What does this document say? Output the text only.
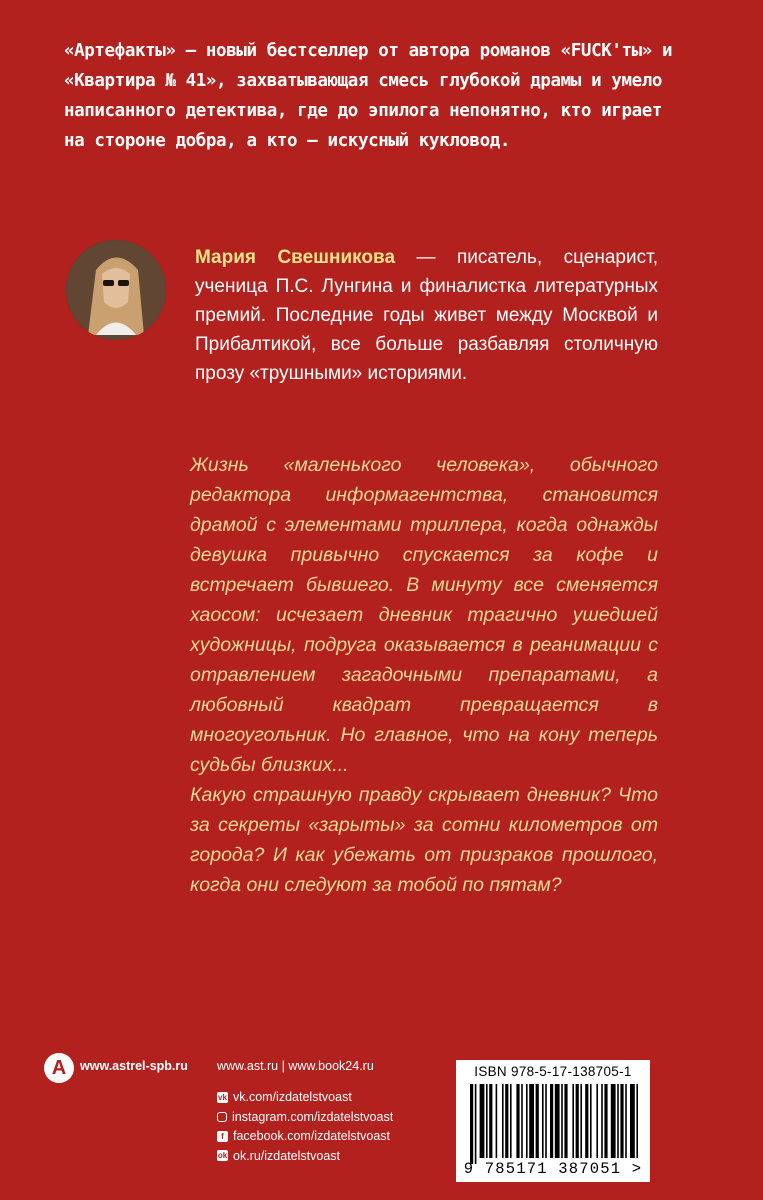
«Артефакты» — новый бестселлер от автора романов «FUCK'ты» и «Квартира № 41», захватывающая смесь глубокой драмы и умело написанного детектива, где до эпилога непонятно, кто играет на стороне добра, а кто — искусный кукловод.

Мария Свешникова — писатель, сценарист, ученица П.С. Лунгина и финалистка литературных премий. Последние годы живет между Москвой и Прибалтикой, все больше разбавляя столичную прозу «трушными» историями.

Жизнь «маленького человека», обычного редактора информагентства, становится драмой с элементами триллера, когда однажды девушка привычно спускается за кофе и встречает бывшего. В минуту все сменяется хаосом: исчезает дневник трагично ушедшей художницы, подруга оказывается в реанимации с отравлением загадочными препаратами, а любовный квадрат превращается в многоугольник. Но главное, что на кону теперь судьбы близких...

Какую страшную правду скрывает дневник? Что за секреты «зарыты» за сотни километров от города? И как убежать от призраков прошлого, когда они следуют за тобой по пятам?

А	www.astrel-spb.ru www.ast.ru | www.book24.ru
vk vk.com/izdatelstvoast
instagram.com/izdatelstvoast
f facebook.com/izdatelstvoast
ok ok.ru/izdatelstvoast
ISBN 978-5-17-138705-1
9 785171 387051 >
